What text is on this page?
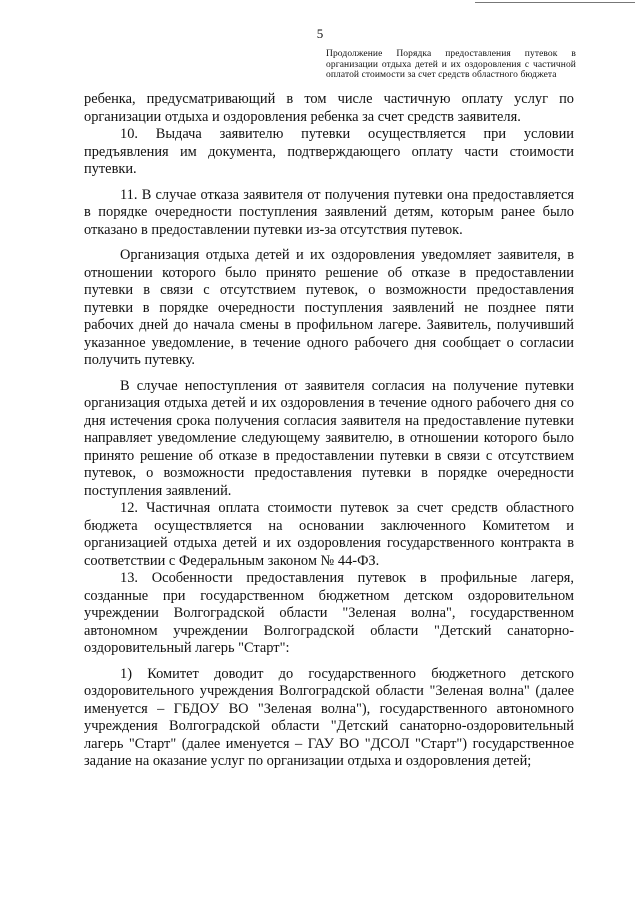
5
Продолжение Порядка предоставления путевок в организации отдыха детей и их оздоровления с частичной оплатой стоимости за счет средств областного бюджета

ребенка, предусматривающий в том числе частичную оплату услуг по организации отдыха и оздоровления ребенка за счет средств заявителя.

10. Выдача заявителю путевки осуществляется при условии предъявления им документа, подтверждающего оплату части стоимости путевки.

11. В случае отказа заявителя от получения путевки она предоставляется в порядке очередности поступления заявлений детям, которым ранее было отказано в предоставлении путевки из-за отсутствия путевок.

Организация отдыха детей и их оздоровления уведомляет заявителя, в отношении которого было принято решение об отказе в предоставлении путевки в связи с отсутствием путевок, о возможности предоставления путевки в порядке очередности поступления заявлений не позднее пяти рабочих дней до начала смены в профильном лагере. Заявитель, получивший указанное уведомление, в течение одного рабочего дня сообщает о согласии получить путевку.

В случае непоступления от заявителя согласия на получение путевки организация отдыха детей и их оздоровления в течение одного рабочего дня со дня истечения срока получения согласия заявителя на предоставление путевки направляет уведомление следующему заявителю, в отношении которого было принято решение об отказе в предоставлении путевки в связи с отсутствием путевок, о возможности предоставления путевки в порядке очередности поступления заявлений.

12. Частичная оплата стоимости путевок за счет средств областного бюджета осуществляется на основании заключенного Комитетом и организацией отдыха детей и их оздоровления государственного контракта в соответствии с Федеральным законом № 44-ФЗ.

13. Особенности предоставления путевок в профильные лагеря, созданные при государственном бюджетном детском оздоровительном учреждении Волгоградской области "Зеленая волна", государственном автономном учреждении Волгоградской области "Детский санаторно-оздоровительный лагерь "Старт":

1) Комитет доводит до государственного бюджетного детского оздоровительного учреждения Волгоградской области "Зеленая волна" (далее именуется – ГБДОУ ВО "Зеленая волна"), государственного автономного учреждения Волгоградской области "Детский санаторно-оздоровительный лагерь "Старт" (далее именуется – ГАУ ВО "ДСОЛ "Старт") государственное задание на оказание услуг по организации отдыха и оздоровления детей;
